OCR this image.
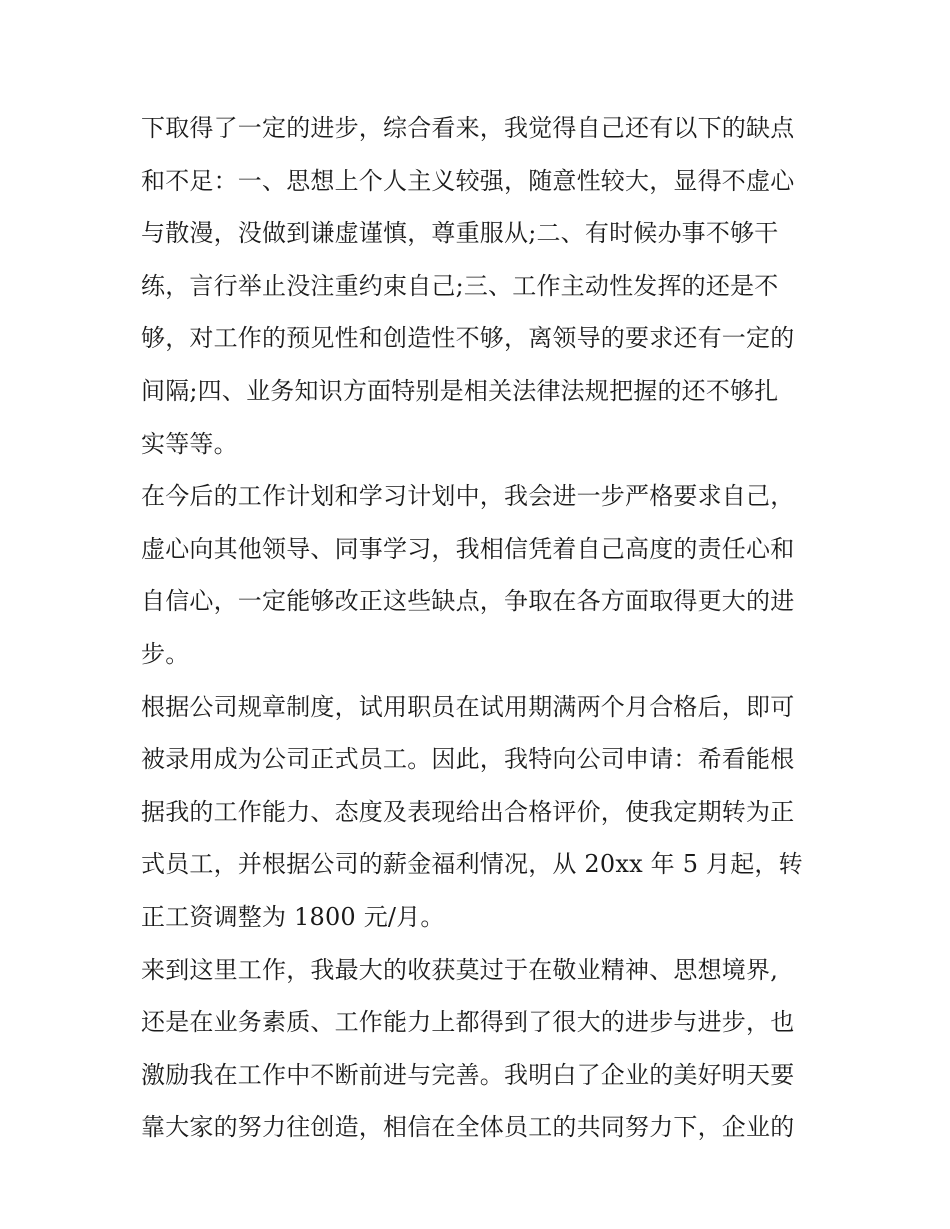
下取得了一定的进步，综合看来，我觉得自己还有以下的缺点
和不足：一、思想上个人主义较强，随意性较大，显得不虚心
与散漫，没做到谦虚谨慎，尊重服从;二、有时候办事不够干
练，言行举止没注重约束自己;三、工作主动性发挥的还是不
够，对工作的预见性和创造性不够，离领导的要求还有一定的
间隔;四、业务知识方面特别是相关法律法规把握的还不够扎
实等等。
在今后的工作计划和学习计划中，我会进一步严格要求自己，
虚心向其他领导、同事学习，我相信凭着自己高度的责任心和
自信心，一定能够改正这些缺点，争取在各方面取得更大的进
步。
根据公司规章制度，试用职员在试用期满两个月合格后，即可
被录用成为公司正式员工。因此，我特向公司申请：希看能根
据我的工作能力、态度及表现给出合格评价，使我定期转为正
式员工，并根据公司的薪金福利情况，从 20xx 年 5 月起，转
正工资调整为 1800 元/月。
来到这里工作，我最大的收获莫过于在敬业精神、思想境界,
还是在业务素质、工作能力上都得到了很大的进步与进步，也
激励我在工作中不断前进与完善。我明白了企业的美好明天要
靠大家的努力往创造，相信在全体员工的共同努力下，企业的
